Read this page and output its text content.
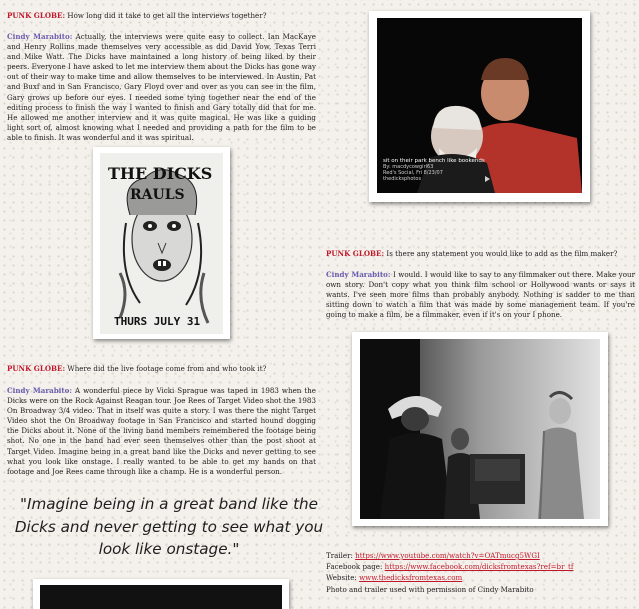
PUNK GLOBE: How long did it take to get all the interviews together?
Cindy Marabito: Actually, the interviews were quite easy to collect. Ian MacKaye and Henry Rollins made themselves very accessible as did David Yow, Texas Terri and Mike Watt. The Dicks have maintained a long history of being liked by their peers. Everyone I have asked to let me interview them about the Dicks has gone way out of their way to make time and allow themselves to be interviewed. In Austin, Pat and Buxf and in San Francisco, Gary Floyd over and over as you can see in the film, Gary grows up before our eyes. I needed some tying together near the end of the editing process to finish the way I wanted to finish and Gary totally did that for me. He allowed me another interview and it was quite magical. He was like a guiding light sort of, almost knowing what I needed and providing a path for the film to be able to finish. It was wonderful and it was spiritual.
THE DICKS
RAULS
THURS JULY 31
sit on their park bench like bookends
By: macdycowgirl63
Red's Social, Fri 8/23/07
thedicksphotos
PUNK GLOBE: Where did the live footage come from and who took it?
Cindy Marabito: A wonderful piece by Vicki Sprague was taped in 1983 when the Dicks were on the Rock Against Reagan tour. Joe Rees of Target Video shot the 1983 On Broadway 3/4 video. That in itself was quite a story. I was there the night Target Video shot the On Broadway footage in San Francisco and started hound dogging the Dicks about it. None of the living band members remembered the footage being shot. No one in the band had ever seen themselves other than the post shoot at Target Video. Imagine being in a great band like the Dicks and never getting to see what you look like onstage. I really wanted to be able to get my hands on that footage and Joe Rees came through like a champ. He is a wonderful person.
"Imagine being in a great band like the Dicks and never getting to see what you look like onstage."
PUNK GLOBE: Is there any statement you would like to add as the film maker?
Cindy Marabito: I would. I would like to say to any filmmaker out there. Make your own story. Don't copy what you think film school or Hollywood wants or says it wants. I've seen more films than probably anybody. Nothing is sadder to me than sitting down to watch a film that was made by some management team. If you're going to make a film, be a filmmaker, even if it's on your I phone.
Trailer: https://www.youtube.com/watch?v=OATmucg5WGI
Facebook page: https://www.facebook.com/dicksfromtexas?ref=br_tf
Website: www.thedicksfromtexas.com
Photo and trailer used with permission of Cindy Marabito
